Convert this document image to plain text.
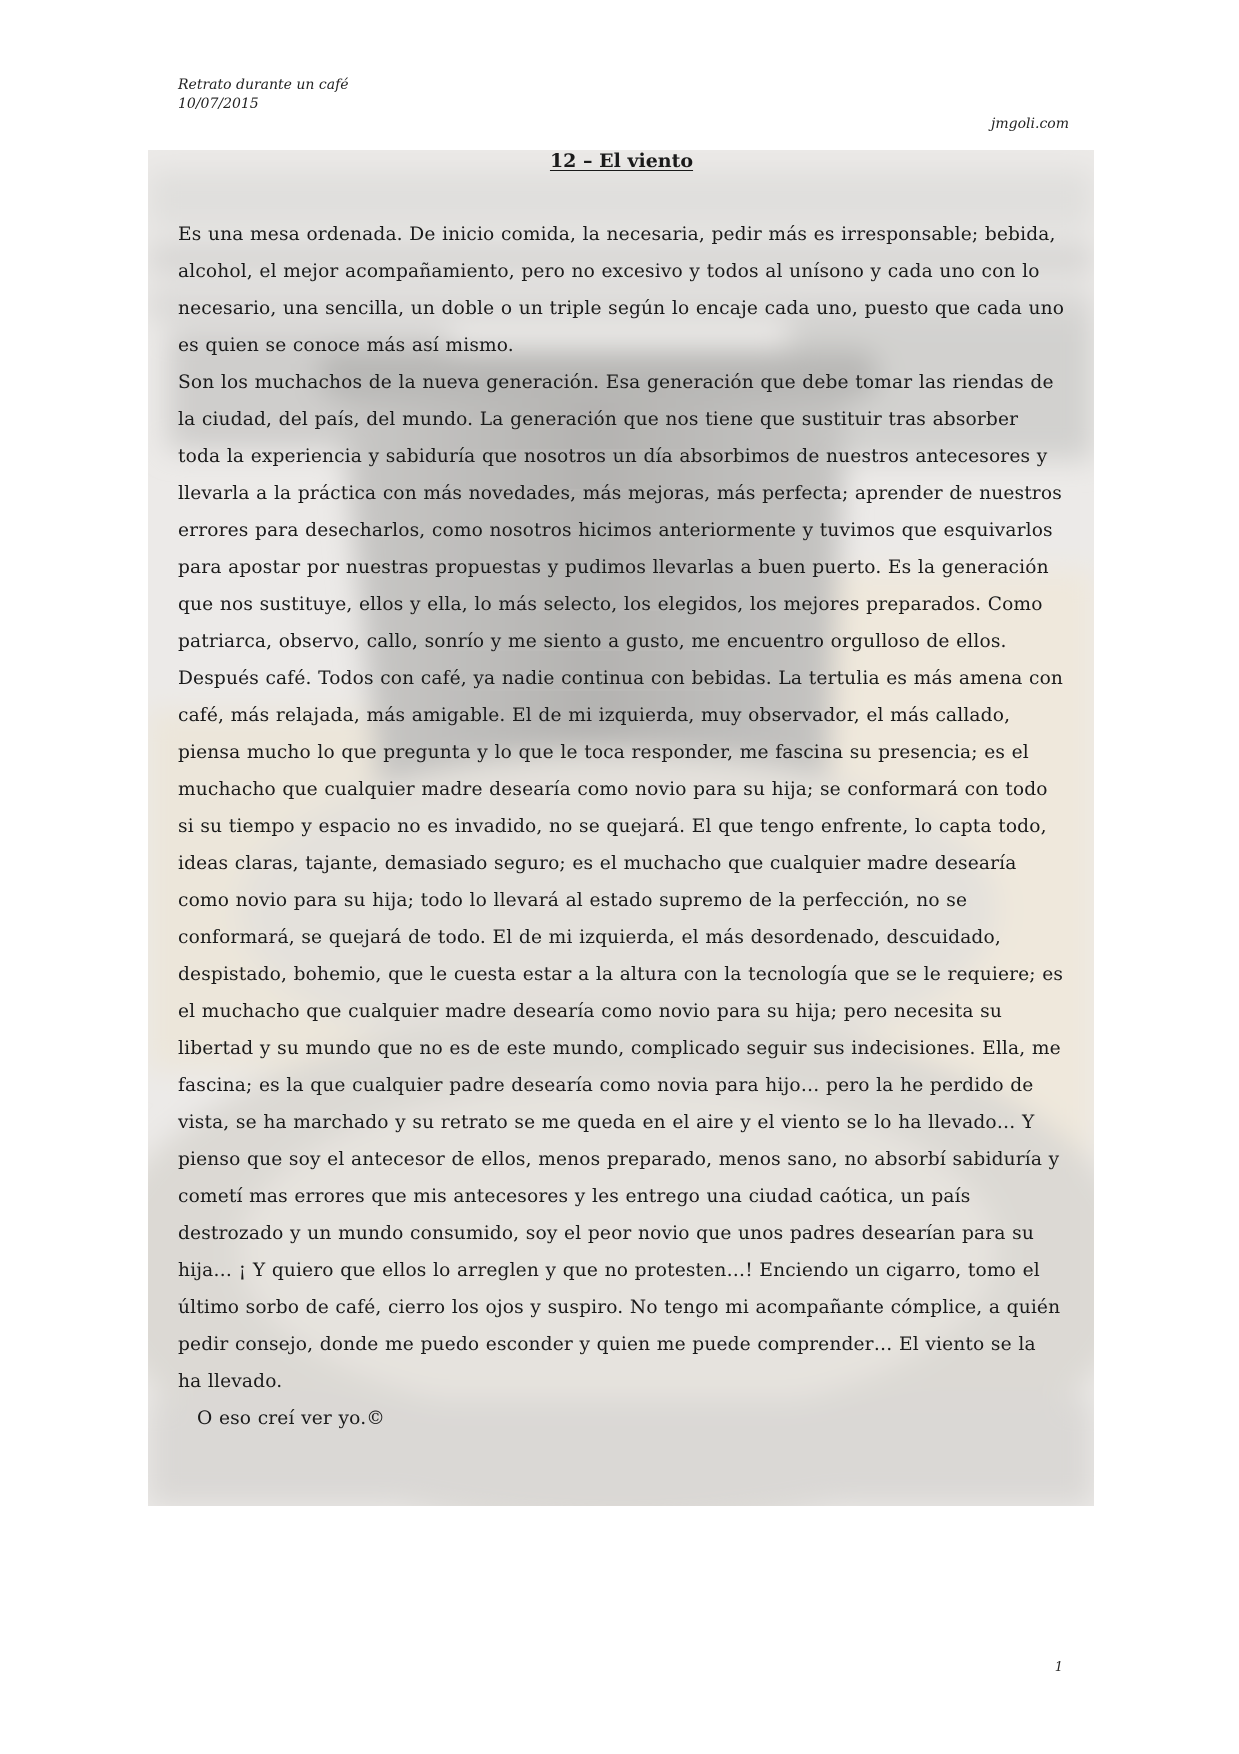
Retrato durante un café
10/07/2015
jmgoli.com
12 – El viento

Es una mesa ordenada. De inicio comida, la necesaria, pedir más es irresponsable; bebida, alcohol, el mejor acompañamiento, pero no excesivo y todos al unísono y cada uno con lo necesario, una sencilla, un doble o un triple según lo encaje cada uno, puesto que cada uno es quien se conoce más así mismo.

Son los muchachos de la nueva generación. Esa generación que debe tomar las riendas de la ciudad, del país, del mundo. La generación que nos tiene que sustituir tras absorber toda la experiencia y sabiduría que nosotros un día absorbimos de nuestros antecesores y llevarla a la práctica con más novedades, más mejoras, más perfecta; aprender de nuestros errores para desecharlos, como nosotros hicimos anteriormente y tuvimos que esquivarlos para apostar por nuestras propuestas y pudimos llevarlas a buen puerto. Es la generación que nos sustituye, ellos y ella, lo más selecto, los elegidos, los mejores preparados. Como patriarca, observo, callo, sonrío y me siento a gusto, me encuentro orgulloso de ellos.

Después café. Todos con café, ya nadie continua con bebidas. La tertulia es más amena con café, más relajada, más amigable. El de mi izquierda, muy observador, el más callado, piensa mucho lo que pregunta y lo que le toca responder, me fascina su presencia; es el muchacho que cualquier madre desearía como novio para su hija; se conformará con todo si su tiempo y espacio no es invadido, no se quejará. El que tengo enfrente, lo capta todo, ideas claras, tajante, demasiado seguro; es el muchacho que cualquier madre desearía como novio para su hija; todo lo llevará al estado supremo de la perfección, no se conformará, se quejará de todo. El de mi izquierda, el más desordenado, descuidado, despistado, bohemio, que le cuesta estar a la altura con la tecnología que se le requiere; es el muchacho que cualquier madre desearía como novio para su hija; pero necesita su libertad y su mundo que no es de este mundo, complicado seguir sus indecisiones. Ella, me fascina; es la que cualquier padre desearía como novia para hijo… pero la he perdido de vista, se ha marchado y su retrato se me queda en el aire y el viento se lo ha llevado… Y pienso que soy el antecesor de ellos, menos preparado, menos sano, no absorbí sabiduría y cometí mas errores que mis antecesores y les entrego una ciudad caótica, un país destrozado y un mundo consumido, soy el peor novio que unos padres desearían para su hija… ¡ Y quiero que ellos lo arreglen y que no protesten…! Enciendo un cigarro, tomo el último sorbo de café, cierro los ojos y suspiro. No tengo mi acompañante cómplice, a quién pedir consejo, donde me puedo esconder y quien me puede comprender… El viento se la ha llevado.

O eso creí ver yo.©

1
